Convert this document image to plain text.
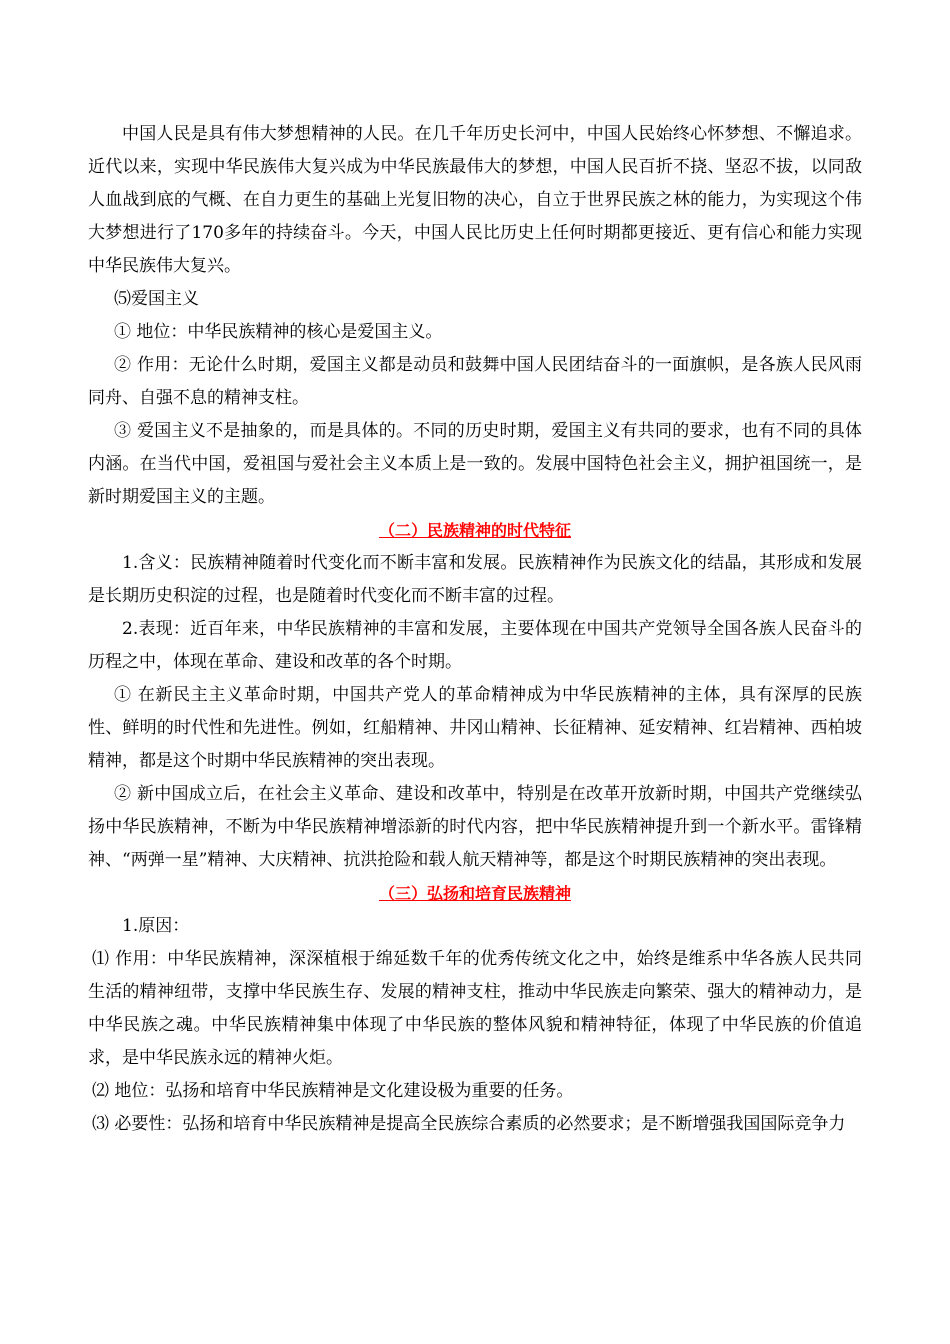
中国人民是具有伟大梦想精神的人民。在几千年历史长河中，中国人民始终心怀梦想、不懈追求。近代以来，实现中华民族伟大复兴成为中华民族最伟大的梦想，中国人民百折不挠、坚忍不拔，以同敌人血战到底的气概、在自力更生的基础上光复旧物的决心，自立于世界民族之林的能力，为实现这个伟大梦想进行了170多年的持续奋斗。今天，中国人民比历史上任何时期都更接近、更有信心和能力实现中华民族伟大复兴。

⑸爱国主义

① 地位：中华民族精神的核心是爱国主义。

② 作用：无论什么时期，爱国主义都是动员和鼓舞中国人民团结奋斗的一面旗帜，是各族人民风雨同舟、自强不息的精神支柱。

③ 爱国主义不是抽象的，而是具体的。不同的历史时期，爱国主义有共同的要求，也有不同的具体内涵。在当代中国，爱祖国与爱社会主义本质上是一致的。发展中国特色社会主义，拥护祖国统一，是新时期爱国主义的主题。

（二）民族精神的时代特征

1.含义：民族精神随着时代变化而不断丰富和发展。民族精神作为民族文化的结晶，其形成和发展是长期历史积淀的过程，也是随着时代变化而不断丰富的过程。

2.表现：近百年来，中华民族精神的丰富和发展，主要体现在中国共产党领导全国各族人民奋斗的历程之中，体现在革命、建设和改革的各个时期。

① 在新民主主义革命时期，中国共产党人的革命精神成为中华民族精神的主体，具有深厚的民族性、鲜明的时代性和先进性。例如，红船精神、井冈山精神、长征精神、延安精神、红岩精神、西柏坡精神，都是这个时期中华民族精神的突出表现。

② 新中国成立后，在社会主义革命、建设和改革中，特别是在改革开放新时期，中国共产党继续弘扬中华民族精神，不断为中华民族精神增添新的时代内容，把中华民族精神提升到一个新水平。雷锋精神、“两弹一星”精神、大庆精神、抗洪抢险和载人航天精神等，都是这个时期民族精神的突出表现。

（三）弘扬和培育民族精神

1.原因：

⑴ 作用：中华民族精神，深深植根于绵延数千年的优秀传统文化之中，始终是维系中华各族人民共同生活的精神纽带，支撑中华民族生存、发展的精神支柱，推动中华民族走向繁荣、强大的精神动力，是中华民族之魂。中华民族精神集中体现了中华民族的整体风貌和精神特征，体现了中华民族的价值追求，是中华民族永远的精神火炬。

⑵ 地位：弘扬和培育中华民族精神是文化建设极为重要的任务。

⑶ 必要性：弘扬和培育中华民族精神是提高全民族综合素质的必然要求；是不断增强我国国际竞争力
